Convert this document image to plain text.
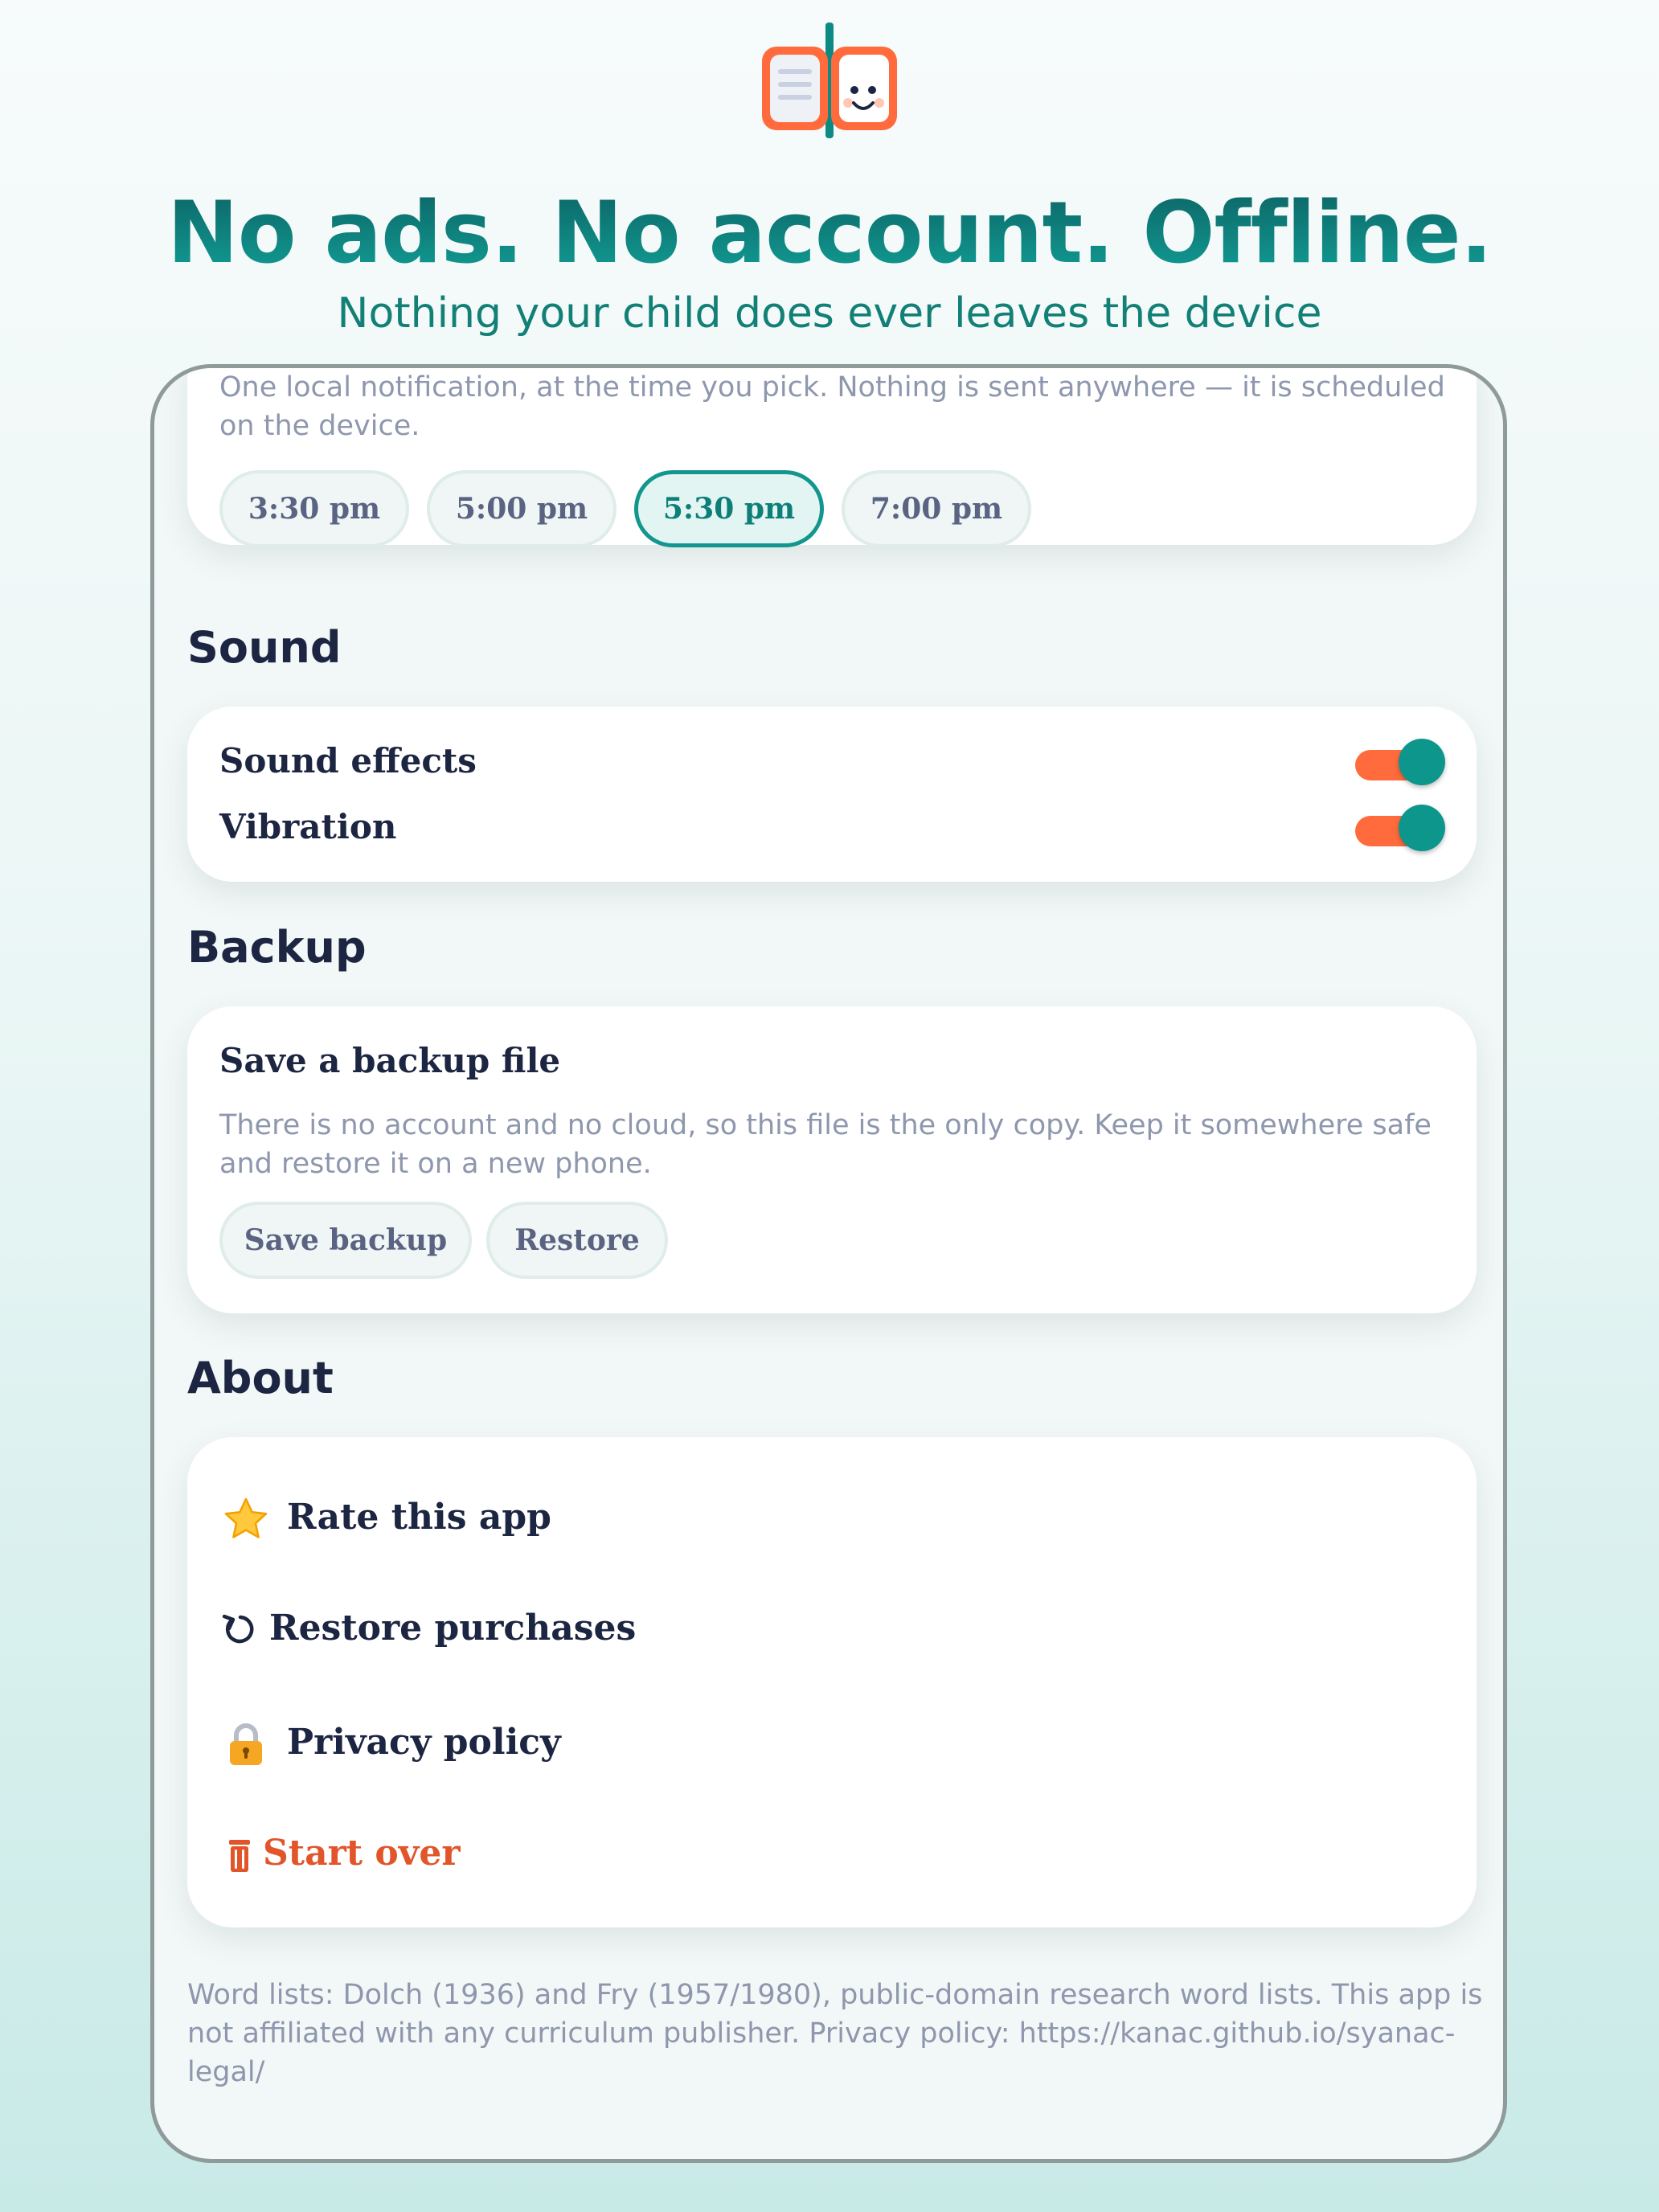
No ads. No account. Offline.

Nothing your child does ever leaves the device

One local notification, at the time you pick. Nothing is sent anywhere — it is scheduled on the device.

3:30 pm	5:00 pm	5:30 pm	7:00 pm
Sound

Sound effects

Vibration

Backup

Save a backup file

There is no account and no cloud, so this file is the only copy. Keep it somewhere safe and restore it on a new phone.

Save backup	Restore
About
Rate this app
Restore purchases
Privacy policy
Start over

Word lists: Dolch (1936) and Fry (1957/1980), public-domain research word lists. This app is not affiliated with any curriculum publisher. Privacy policy: https://kanac.github.io/syanac-legal/
